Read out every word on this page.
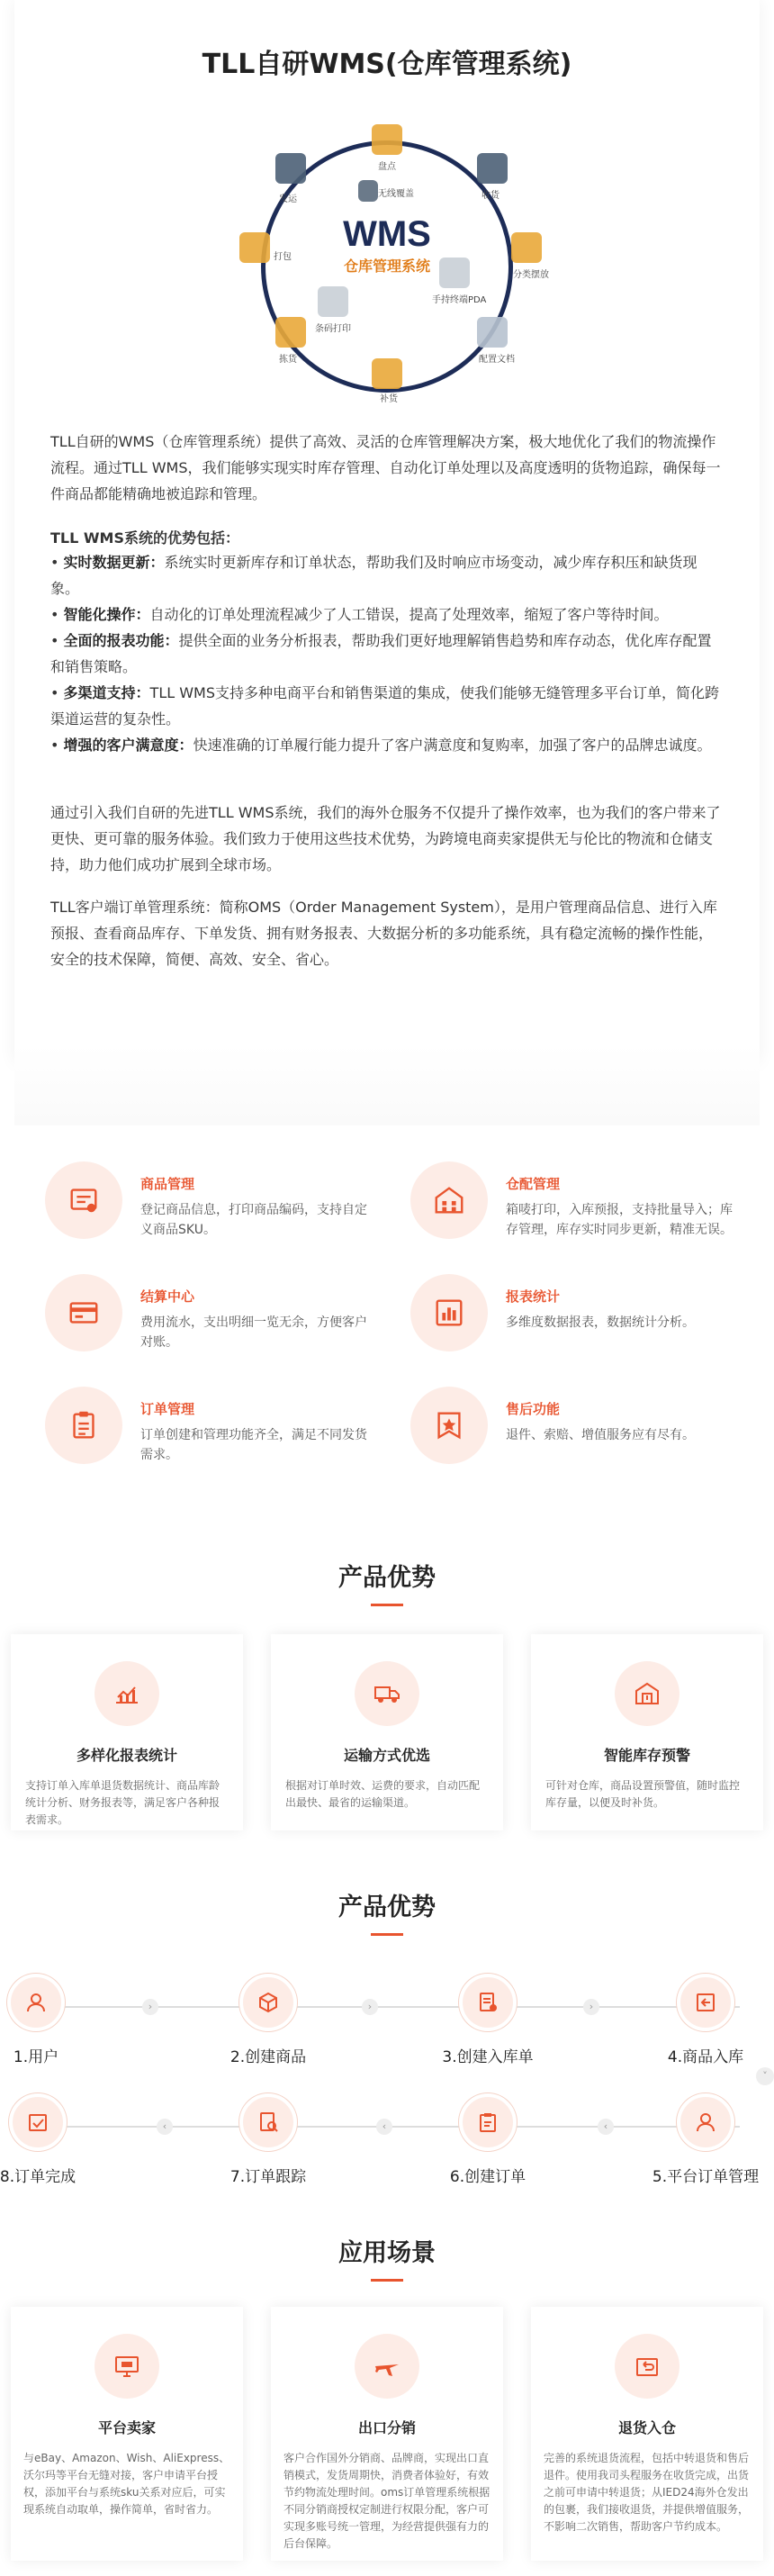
TLL自研WMS(仓库管理系统)
WMS
仓库管理系统
盘点
收货
分类摆放
配置文档
补货
拣货
条码打印
手持终端PDA
无线覆盖
打包
发运

TLL自研的WMS（仓库管理系统）提供了高效、灵活的仓库管理解决方案，极大地优化了我们的物流操作流程。通过TLL WMS，我们能够实现实时库存管理、自动化订单处理以及高度透明的货物追踪，确保每一件商品都能精确地被追踪和管理。

TLL WMS系统的优势包括：

• 实时数据更新：系统实时更新库存和订单状态，帮助我们及时响应市场变动，减少库存积压和缺货现象。
• 智能化操作：自动化的订单处理流程减少了人工错误，提高了处理效率，缩短了客户等待时间。
• 全面的报表功能：提供全面的业务分析报表，帮助我们更好地理解销售趋势和库存动态，优化库存配置和销售策略。
• 多渠道支持：TLL WMS支持多种电商平台和销售渠道的集成，使我们能够无缝管理多平台订单，简化跨渠道运营的复杂性。
• 增强的客户满意度：快速准确的订单履行能力提升了客户满意度和复购率，加强了客户的品牌忠诚度。

通过引入我们自研的先进TLL WMS系统，我们的海外仓服务不仅提升了操作效率，也为我们的客户带来了更快、更可靠的服务体验。我们致力于使用这些技术优势，为跨境电商卖家提供无与伦比的物流和仓储支持，助力他们成功扩展到全球市场。

TLL客户端订单管理系统：简称OMS（Order Management System），是用户管理商品信息、进行入库预报、查看商品库存、下单发货、拥有财务报表、大数据分析的多功能系统，具有稳定流畅的操作性能，安全的技术保障，简便、高效、安全、省心。

商品管理
登记商品信息，打印商品编码，支持自定义商品SKU。
仓配管理
箱唛打印，入库预报，支持批量导入；库存管理，库存实时同步更新，精准无误。
结算中心
费用流水，支出明细一览无余，方便客户对账。
报表统计
多维度数据报表，数据统计分析。
订单管理
订单创建和管理功能齐全，满足不同发货需求。
售后功能
退件、索赔、增值服务应有尽有。
产品优势
多样化报表统计
支持订单入库单退货数据统计、商品库龄统计分析、财务报表等，满足客户各种报表需求。
运输方式优选
根据对订单时效、运费的要求，自动匹配出最快、最省的运输渠道。
智能库存预警
可针对仓库，商品设置预警值，随时监控库存量，以便及时补货。
产品优势
1.用户
›
2.创建商品
›
3.创建入库单
›
4.商品入库
˅
8.订单完成
‹
7.订单跟踪
‹
6.创建订单
‹
5.平台订单管理
应用场景
平台卖家
与eBay、Amazon、Wish、AliExpress、沃尔玛等平台无缝对接，客户申请平台授权，添加平台与系统sku关系对应后，可实现系统自动取单，操作简单，省时省力。
出口分销
客户合作国外分销商、品牌商，实现出口直销模式，发货周期快，消费者体验好，有效节约物流处理时间。oms订单管理系统根据不同分销商授权定制进行权限分配，客户可实现多账号统一管理，为经营提供强有力的后台保障。
退货入仓
完善的系统退货流程，包括中转退货和售后退件。使用我司头程服务在收货完成，出货之前可申请中转退货；从IED24海外仓发出的包裹，我们接收退货，并提供增值服务，不影响二次销售，帮助客户节约成本。
